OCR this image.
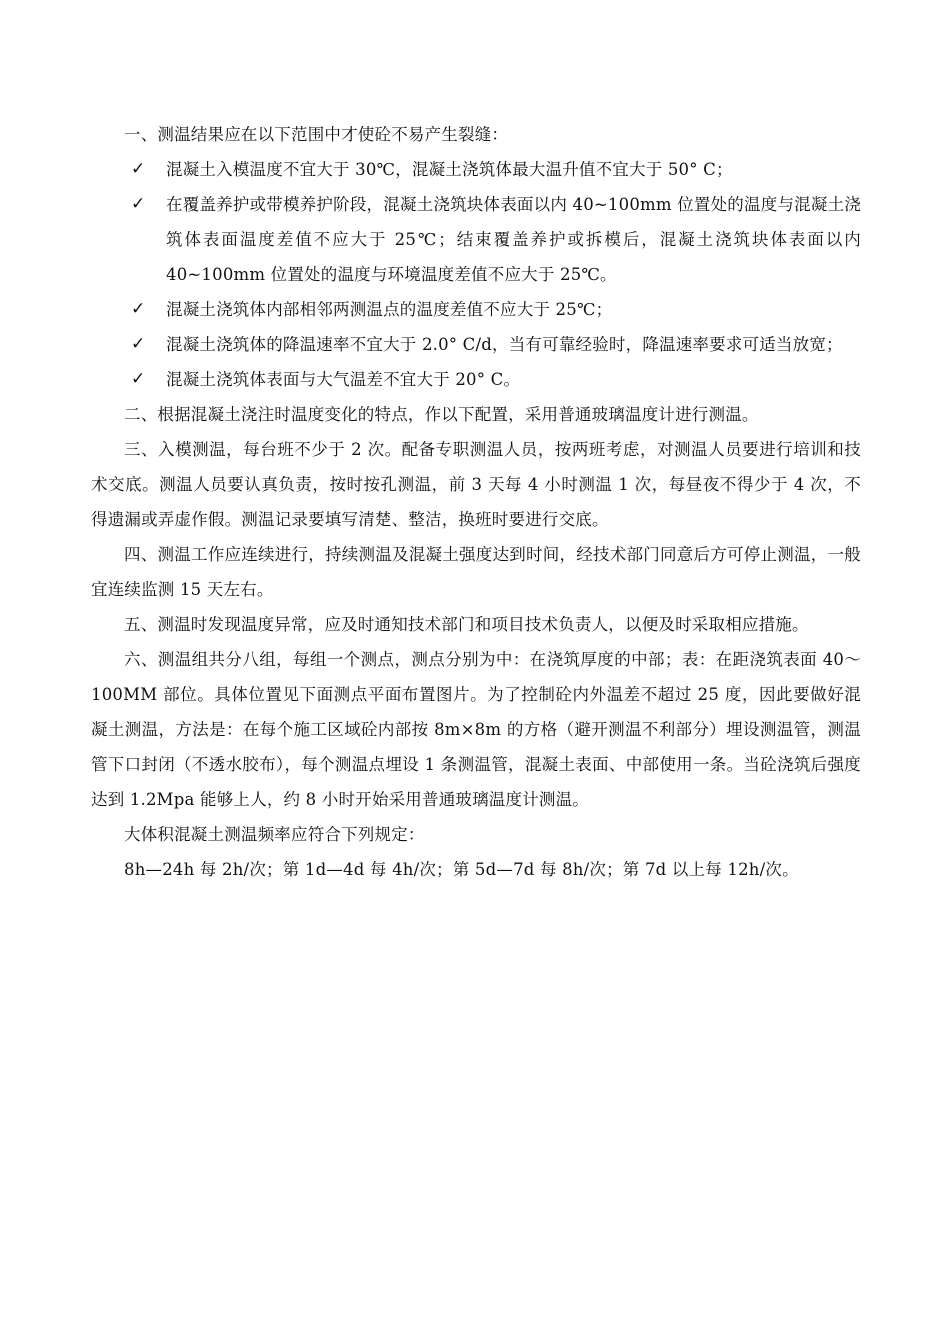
一、测温结果应在以下范围中才使砼不易产生裂缝：

✓ 混凝土入模温度不宜大于 30℃，混凝土浇筑体最大温升值不宜大于 50° C；

✓ 在覆盖养护或带模养护阶段，混凝土浇筑块体表面以内 40~100mm 位置处的温度与混凝土浇筑体表面温度差值不应大于 25℃；结束覆盖养护或拆模后，混凝土浇筑块体表面以内 40~100mm 位置处的温度与环境温度差值不应大于 25℃。

✓ 混凝土浇筑体内部相邻两测温点的温度差值不应大于 25℃；

✓ 混凝土浇筑体的降温速率不宜大于 2.0° C/d，当有可靠经验时，降温速率要求可适当放宽；

✓ 混凝土浇筑体表面与大气温差不宜大于 20° C。

二、根据混凝土浇注时温度变化的特点，作以下配置，采用普通玻璃温度计进行测温。

三、入模测温，每台班不少于 2 次。配备专职测温人员，按两班考虑，对测温人员要进行培训和技术交底。测温人员要认真负责，按时按孔测温，前 3 天每 4 小时测温 1 次，每昼夜不得少于 4 次，不得遗漏或弄虚作假。测温记录要填写清楚、整洁，换班时要进行交底。

四、测温工作应连续进行，持续测温及混凝土强度达到时间，经技术部门同意后方可停止测温，一般宜连续监测 15 天左右。

五、测温时发现温度异常，应及时通知技术部门和项目技术负责人，以便及时采取相应措施。

六、测温组共分八组，每组一个测点，测点分别为中：在浇筑厚度的中部；表：在距浇筑表面 40～100MM 部位。具体位置见下面测点平面布置图片。为了控制砼内外温差不超过 25 度，因此要做好混凝土测温，方法是：在每个施工区域砼内部按 8m×8m 的方格（避开测温不利部分）埋设测温管，测温管下口封闭（不透水胶布），每个测温点埋设 1 条测温管，混凝土表面、中部使用一条。当砼浇筑后强度达到 1.2Mpa 能够上人，约 8 小时开始采用普通玻璃温度计测温。

大体积混凝土测温频率应符合下列规定：

8h—24h 每 2h/次；第 1d—4d 每 4h/次；第 5d—7d 每 8h/次；第 7d 以上每 12h/次。
